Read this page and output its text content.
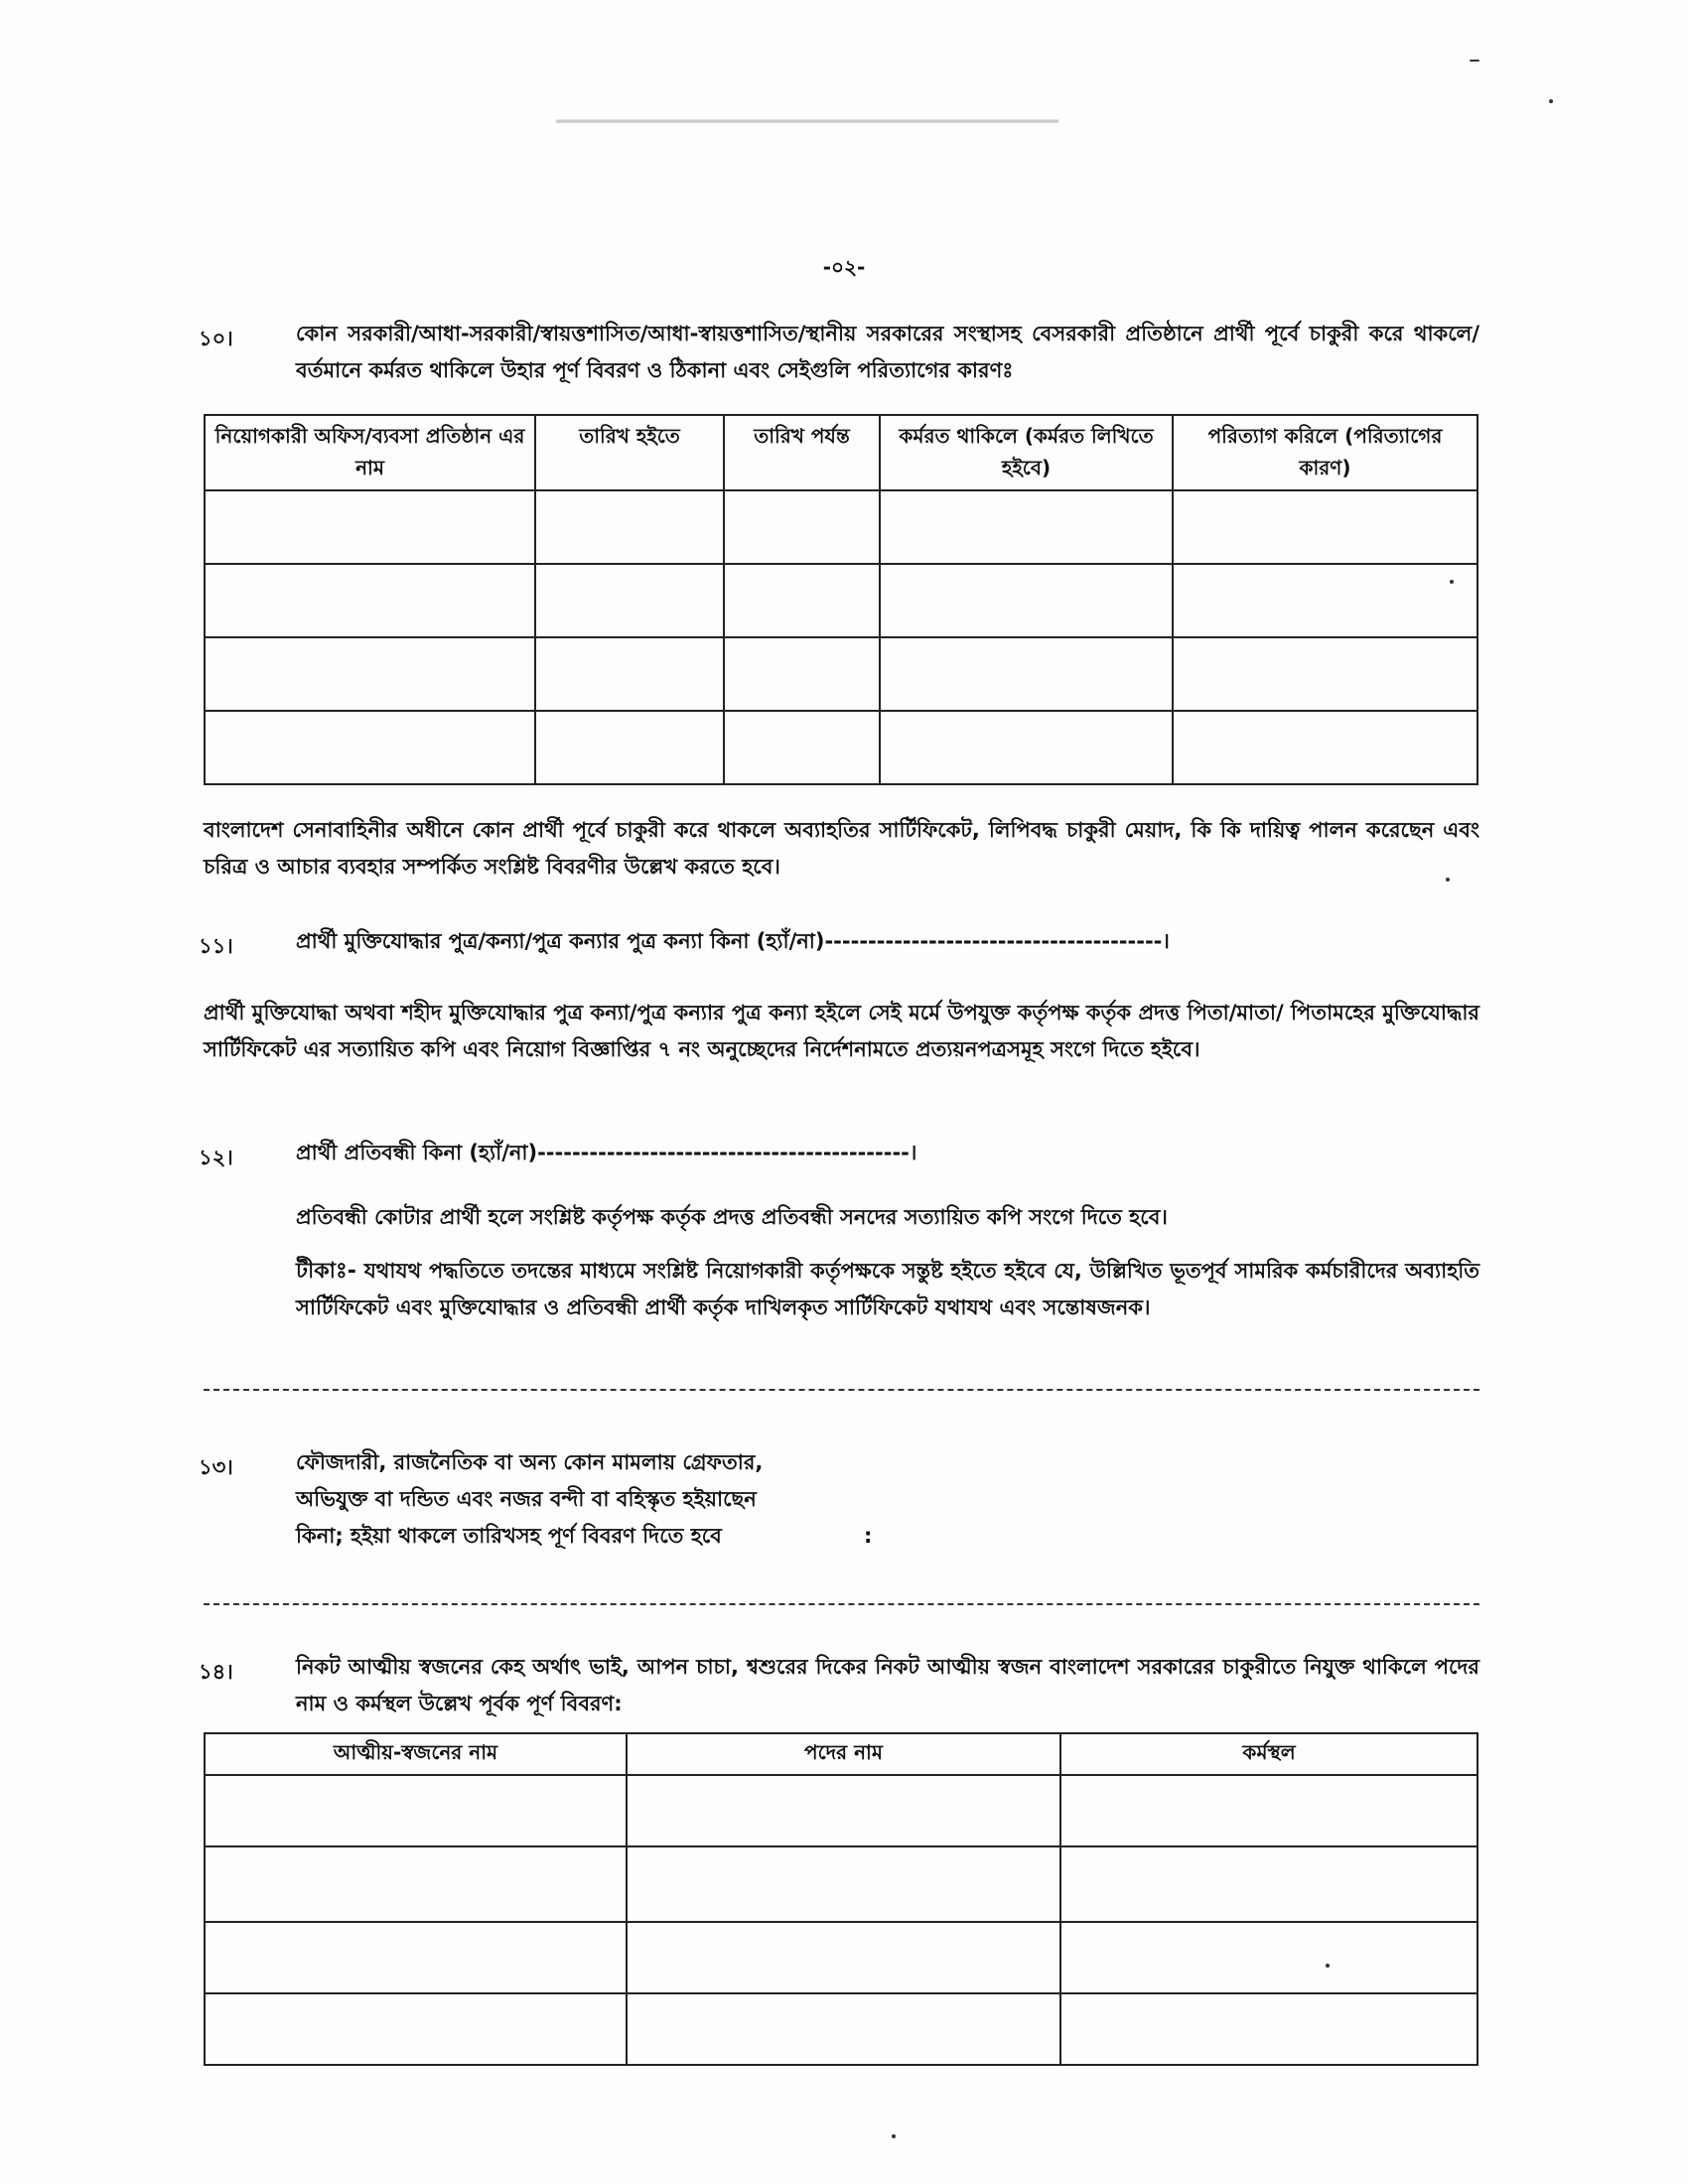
━━━━━━━━━━━━━━━━━━━━━━━━━━━━━━━━━━━━━━━━━━
-০২-
১০।	কোন সরকারী/আধা-সরকারী/স্বায়ত্তশাসিত/আধা-স্বায়ত্তশাসিত/স্থানীয় সরকারের সংস্থাসহ বেসরকারী প্রতিষ্ঠানে প্রার্থী পূর্বে চাকুরী করে থাকলে/বর্তমানে কর্মরত থাকিলে উহার পূর্ণ বিবরণ ও ঠিকানা এবং সেইগুলি পরিত্যাগের কারণঃ
নিয়োগকারী অফিস/ব্যবসা প্রতিষ্ঠান এর নাম	তারিখ হইতে	তারিখ পর্যন্ত	কর্মরত থাকিলে (কর্মরত লিখিতে হইবে)	পরিত্যাগ করিলে (পরিত্যাগের কারণ)

বাংলাদেশ সেনাবাহিনীর অধীনে কোন প্রার্থী পূর্বে চাকুরী করে থাকলে অব্যাহতির সার্টিফিকেট, লিপিবদ্ধ চাকুরী মেয়াদ, কি কি দায়িত্ব পালন করেছেন এবং চরিত্র ও আচার ব্যবহার সম্পর্কিত সংশ্লিষ্ট বিবরণীর উল্লেখ করতে হবে।
১১।	প্রার্থী মুক্তিযোদ্ধার পুত্র/কন্যা/পুত্র কন্যার পুত্র কন্যা কিনা (হ্যাঁ/না)---------------------------------------।
প্রার্থী মুক্তিযোদ্ধা অথবা শহীদ মুক্তিযোদ্ধার পুত্র কন্যা/পুত্র কন্যার পুত্র কন্যা হইলে সেই মর্মে উপযুক্ত কর্তৃপক্ষ কর্তৃক প্রদত্ত পিতা/মাতা/ পিতামহের মুক্তিযোদ্ধার সার্টিফিকেট এর সত্যায়িত কপি এবং নিয়োগ বিজ্ঞাপ্তির ৭ নং অনুচ্ছেদের নির্দেশনামতে প্রত্যয়নপত্রসমূহ সংগে দিতে হইবে।
১২।	প্রার্থী প্রতিবন্ধী কিনা (হ্যাঁ/না)-------------------------------------------।
প্রতিবন্ধী কোটার প্রার্থী হলে সংশ্লিষ্ট কর্তৃপক্ষ কর্তৃক প্রদত্ত প্রতিবন্ধী সনদের সত্যায়িত কপি সংগে দিতে হবে।
টীকাঃ- যথাযথ পদ্ধতিতে তদন্তের মাধ্যমে সংশ্লিষ্ট নিয়োগকারী কর্তৃপক্ষকে সন্তুষ্ট হইতে হইবে যে, উল্লিখিত ভূতপূর্ব সামরিক কর্মচারীদের অব্যাহতি সার্টিফিকেট এবং মুক্তিযোদ্ধার ও প্রতিবন্ধী প্রার্থী কর্তৃক দাখিলকৃত সার্টিফিকেট যথাযথ এবং সন্তোষজনক।
১৩।	ফৌজদারী, রাজনৈতিক বা অন্য কোন মামলায় গ্রেফতার,

অভিযুক্ত বা দন্ডিত এবং নজর বন্দী বা বহিস্কৃত হইয়াছেন

কিনা; হইয়া থাকলে তারিখসহ পূর্ণ বিবরণ দিতে হবে	:
১৪।	নিকট আত্মীয় স্বজনের কেহ অর্থাৎ ভাই, আপন চাচা, শ্বশুরের দিকের নিকট আত্মীয় স্বজন বাংলাদেশ সরকারের চাকুরীতে নিযুক্ত থাকিলে পদের নাম ও কর্মস্থল উল্লেখ পূর্বক পূর্ণ বিবরণ:
আত্মীয়-স্বজনের নাম	পদের নাম	কর্মস্থল
